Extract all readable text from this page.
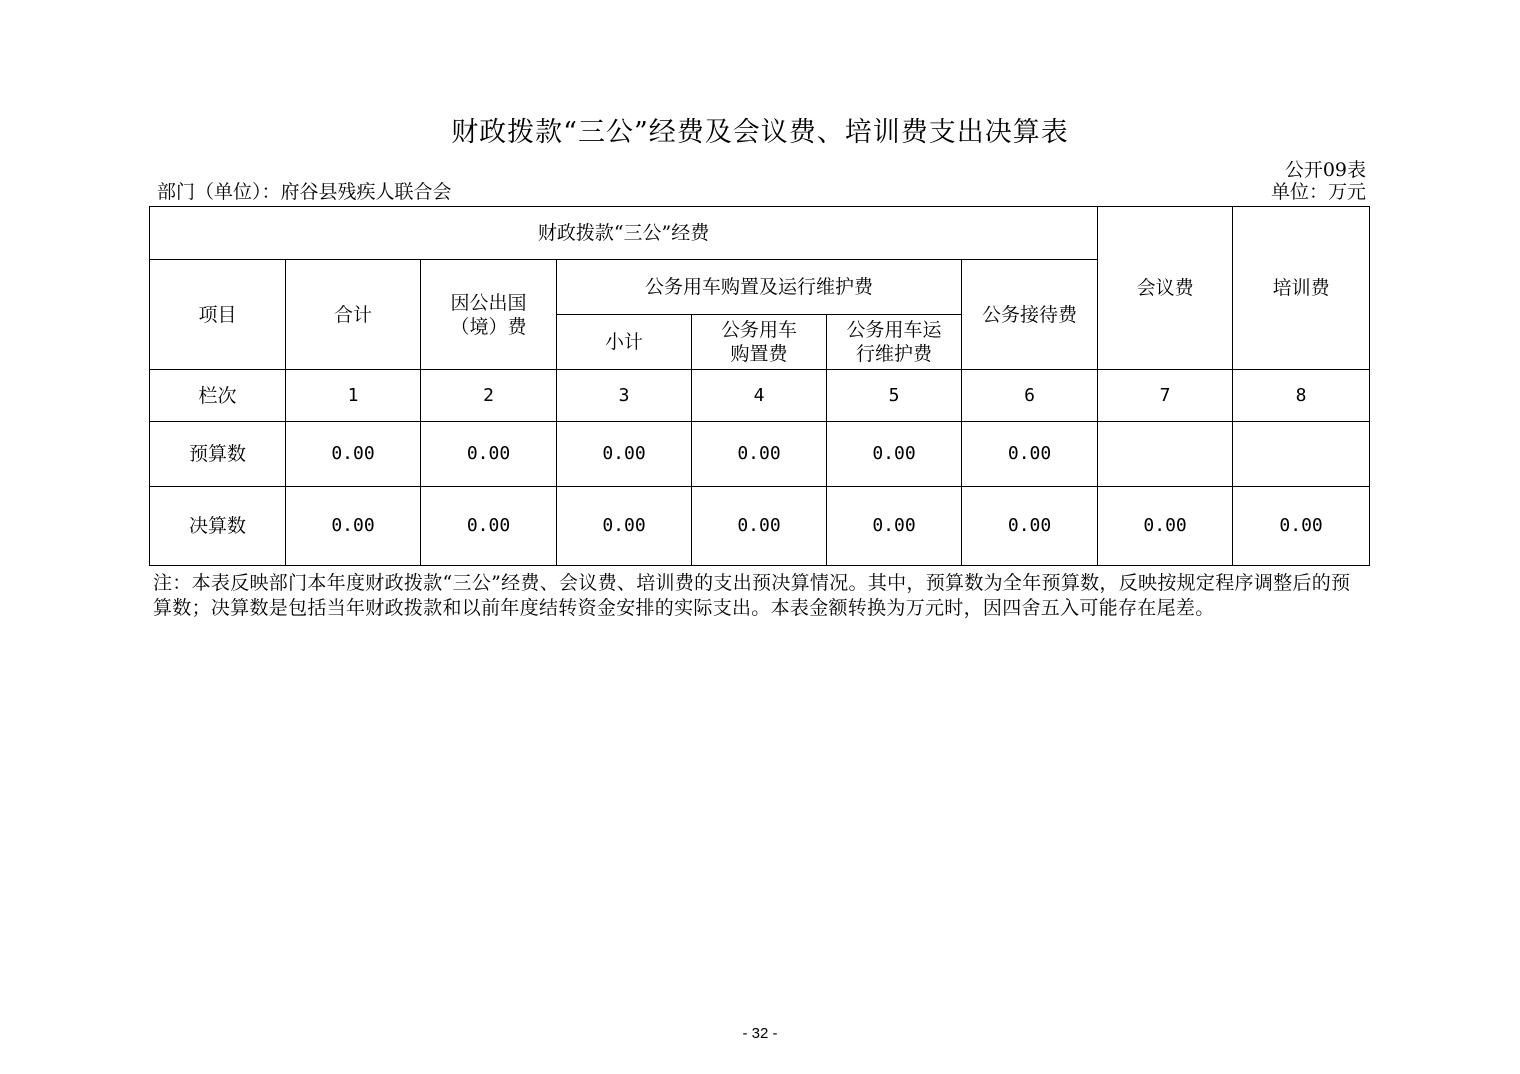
财政拨款“三公”经费及会议费、培训费支出决算表
公开09表
部门（单位）：府谷县残疾人联合会	单位：万元
财政拨款“三公”经费							会议费	培训费
项目	合计	因公出国（境）费	公务用车购置及运行维护费			公务接待费		
			小计	公务用车购置费	公务用车运行维护费			
栏次	1	2	3	4	5	6	7	8
预算数	0.00	0.00	0.00	0.00	0.00	0.00		
决算数	0.00	0.00	0.00	0.00	0.00	0.00	0.00	0.00
注：本表反映部门本年度财政拨款“三公”经费、会议费、培训费的支出预决算情况。其中，预算数为全年预算数，反映按规定程序调整后的预算数；决算数是包括当年财政拨款和以前年度结转资金安排的实际支出。本表金额转换为万元时，因四舍五入可能存在尾差。
- 32 -
